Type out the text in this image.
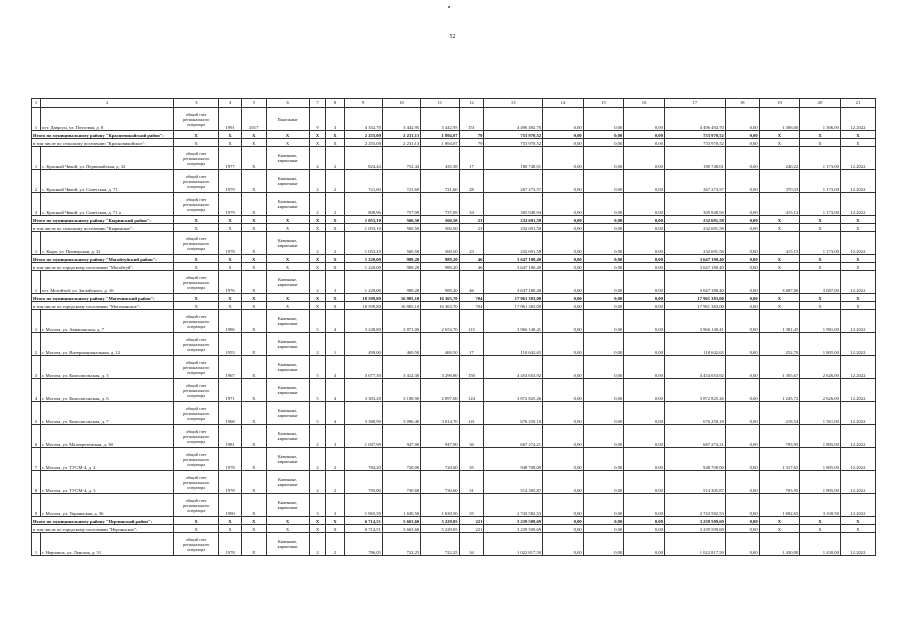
52
1	2	3	4	5	6	7	8	9	10	11	12	13	14	15	16	17	18	19	20	21
1	пгт. Даврсун, ул. Почтовая, д. 8	общий счет регионального оператора	1991	2017	Панельные	9	3	4 352,70	3 442,95	3 442,95	151	4 496 492,70	0,00	0,00	0,00	4 496 492,70	0,00	1 306,00	1 306,00	12.2022
Итого по муниципальному району "Красночикойский район":		X	X	X	X	X	X	2 255,00	2 231,13	1 894,07	79	753 970,52	0,00	0,00	0,00	753 970,52	0,00	X	X	X
в том числе по сельскому поселению "Красночикойское":		X	X	X	X	X	X	2 255,00	2 231,13	1 894,07	79	753 970,52	0,00	0,00	0,00	753 970,52	0,00	X	X	X
1	с. Красный Чикой, ул. Первомайская, д. 32	общий счет регионального оператора	1977	X	Каменные, кирпичные	2	2	824,44	752,44	435,38	17	180 748,01	0,00	0,00	0,00	180 748,01	0,00	240,22	1 173,00	12.2022
2	с. Красный Чикой, ул. Советская, д. 71	общий счет регионального оператора	1979	X	Каменные, кирпичные	2	2	721,60	721,60	721,60	28	267 273,57	0,00	0,00	0,00	267 273,57	0,00	370,33	1 173,00	12.2022
3	с. Красный Чикой, ул. Советская, д. 71 а	общий счет регионального оператора	1979	X	Каменные, кирпичные	2	2	808,96	757,09	737,09	34	305 948,94	0,00	0,00	0,00	305 948,94	0,00	415,12	1 173,00	12.2022
Итого по муниципальному району "Кыринский район":		X	X	X	X	X	X	1 053,10	560,50	560,50	23	232 691,58	0,00	0,00	0,00	232 691,58	0,00	X	X	X
в том числе по сельскому поселению "Кыринское":		X	X	X	X	X	X	1 053,10	560,50	560,50	23	232 691,58	0,00	0,00	0,00	232 691,58	0,00	X	X	X
1	с. Кыра, ул. Пионерская, д. 32	общий счет регионального оператора	1978	X	Каменные, кирпичные	2	2	1 053,10	560,50	560,50	23	232 691,58	0,00	0,00	0,00	232 691,58	0,00	415,15	1 173,00	12.2022
Итого по муниципальному району "Могойтуйский район":		X	X	X	X	X	X	1 220,00	989,20	989,20	46	3 647 180,40	0,00	0,00	0,00	3 647 180,40	0,00	X	X	X
в том числе по городскому поселению "Могойтуй":		X	X	X	X	X	X	1 220,00	989,20	989,20	46	3 647 180,40	0,00	0,00	0,00	3 647 180,40	0,00	X	X	X
1	пгт. Могойтуй, ул. Заглайского, д. 16	общий счет регионального оператора	1976	X	Каменные, кирпичные	2	3	1 220,00	989,20	989,20	46	3 647 180,40	0,00	0,00	0,00	3 647 180,40	0,00	3 687,00	3 687,00	12.2022
Итого по муниципальному району "Могочинский район":		X	X	X	X	X	X	18 599,80	16 985,10	16 363,70	704	17 961 383,00	0,00	0,00	0,00	17 961 383,00	0,00	X	X	X
в том числе по городскому поселению "Могочинское":		X	X	X	X	X	X	18 599,80	16 985,10	16 363,70	704	17 961 383,00	0,00	0,00	0,00	17 961 383,00	0,00	X	X	X
1	г. Могоча, ул. Авиапонская, д. 7	общий счет регионального оператора	1986	X	Каменные, кирпичные	5	4	3 248,80	2 871,00	2 653,70	115	3 966 140,41	0,00	0,00	0,00	3 966 140,41	0,00	1 381,45	1 981,00	12.2022
2	г. Могоча, ул. Интернациональная, д. 12	общий счет регионального оператора	1955	X	Каменные, кирпичные	2	1	499,00	469,50	469,50	17	118 642,65	0,00	0,00	0,00	118 642,65	0,00	252,70	1 805,00	12.2022
3	г. Могоча, ул. Комсомольская, д. 3	общий счет регионального оператора	1967	X	Каменные, кирпичные	5	4	3 677,30	3 412,30	3 299,80	150	4 454 653,92	0,00	0,00	0,00	4 454 653,92	0,00	1 305,67	2 626,00	12.2022
4	г. Могоча, ул. Комсомольская, д. 6	общий счет регионального оператора	1971	X	Каменные, кирпичные	5	4	3 303,20	3 108,90	2 897,00	124	3 872 825,26	0,00	0,00	0,00	3 872 825,26	0,00	1 245,72	2 626,00	12.2022
5	г. Могоча, ул. Комсомольская, д. 7	общий счет регионального оператора	1968	X	Каменные, кирпичные	5	4	3 388,90	3 096,40	3 014,70	141	676 250,18	0,00	0,00	0,00	676 250,18	0,00	218,54	1 561,00	12.2022
6	г. Могоча, ул. Малоеретенская, д. 38	общий счет регионального оператора	1981	X	Каменные, кирпичные	2	3	1 047,90	947,90	947,90	36	667 274,21	0,00	0,00	0,00	667 274,21	0,00	703,95	1 805,00	12.2022
7	г. Могоча, ул. ТУСМ-4, д. 2	общий счет регионального оператора	1978	X	Каменные, кирпичные	2	2	784,20	720,00	720,00	35	948 708,00	0,00	0,00	0,00	948 708,00	0,00	1 317,65	1 805,00	12.2022
8	г. Могоча, ул. ТУСМ-4, д. 3	общий счет регионального оператора	1978	X	Каменные, кирпичные	2	2	795,00	730,60	730,60	31	514 305,87	0,00	0,00	0,00	514 305,87	0,00	703,95	1 805,00	12.2022
9	г. Могоча, ул. Украинская, д. 36	общий счет регионального оператора	1990	X	Каменные, кирпичные	3	3	1 965,50	1 630,50	1 630,50	55	2 743 582,53	0,00	0,00	0,00	2 743 582,53	0,00	1 682,65	3 330,50	12.2022
Итого по муниципальному району "Нерчинский район":		X	X	X	X	X	X	6 714,51	5 663,60	5 229,05	221	3 239 509,69	0,00	0,00	0,00	3 239 509,69	0,00	X	X	X
в том числе по городскому поселению "Нерчинское":		X	X	X	X	X	X	6 714,51	5 663,60	5 229,05	221	3 239 509,69	0,00	0,00	0,00	3 239 509,69	0,00	X	X	X
1	г. Нерчинск, ул. Ленская, д. 51	общий счет регионального оператора	1978	X	Каменные, кирпичные	2	2	786,05	722,25	722,25	34	1 022 817,50	0,00	0,00	0,00	1 022 817,50	0,00	1 430,00	1 430,00	12.2022
